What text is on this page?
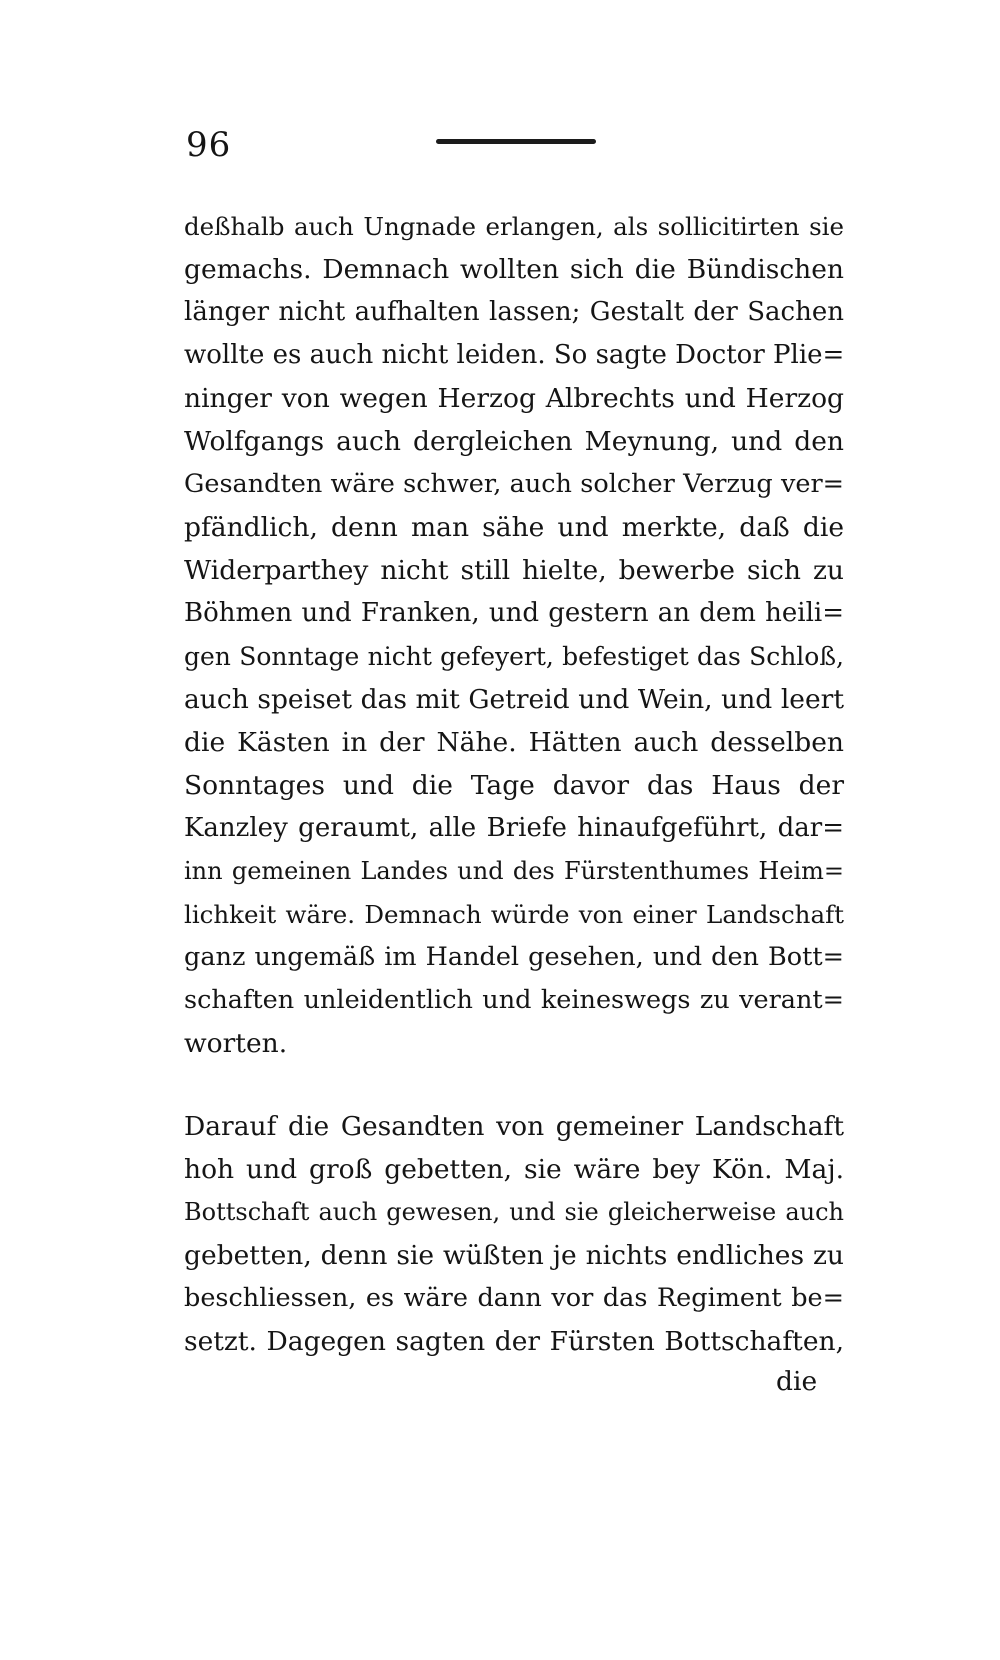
96
deßhalb auch Ungnade erlangen, als sollicitirten sie
gemachs. Demnach wollten sich die Bündischen
länger nicht aufhalten lassen; Gestalt der Sachen
wollte es auch nicht leiden. So sagte Doctor Plie=
ninger von wegen Herzog Albrechts und Herzog
Wolfgangs auch dergleichen Meynung, und den
Gesandten wäre schwer, auch solcher Verzug ver=
pfändlich, denn man sähe und merkte, daß die
Widerparthey nicht still hielte, bewerbe sich zu
Böhmen und Franken, und gestern an dem heili=
gen Sonntage nicht gefeyert, befestiget das Schloß,
auch speiset das mit Getreid und Wein, und leert
die Kästen in der Nähe. Hätten auch desselben
Sonntages und die Tage davor das Haus der
Kanzley geraumt, alle Briefe hinaufgeführt, dar=
inn gemeinen Landes und des Fürstenthumes Heim=
lichkeit wäre. Demnach würde von einer Landschaft
ganz ungemäß im Handel gesehen, und den Bott=
schaften unleidentlich und keineswegs zu verant=
worten.
Darauf die Gesandten von gemeiner Landschaft
hoh und groß gebetten, sie wäre bey Kön. Maj.
Bottschaft auch gewesen, und sie gleicherweise auch
gebetten, denn sie wüßten je nichts endliches zu
beschliessen, es wäre dann vor das Regiment be=
setzt. Dagegen sagten der Fürsten Bottschaften,
die
